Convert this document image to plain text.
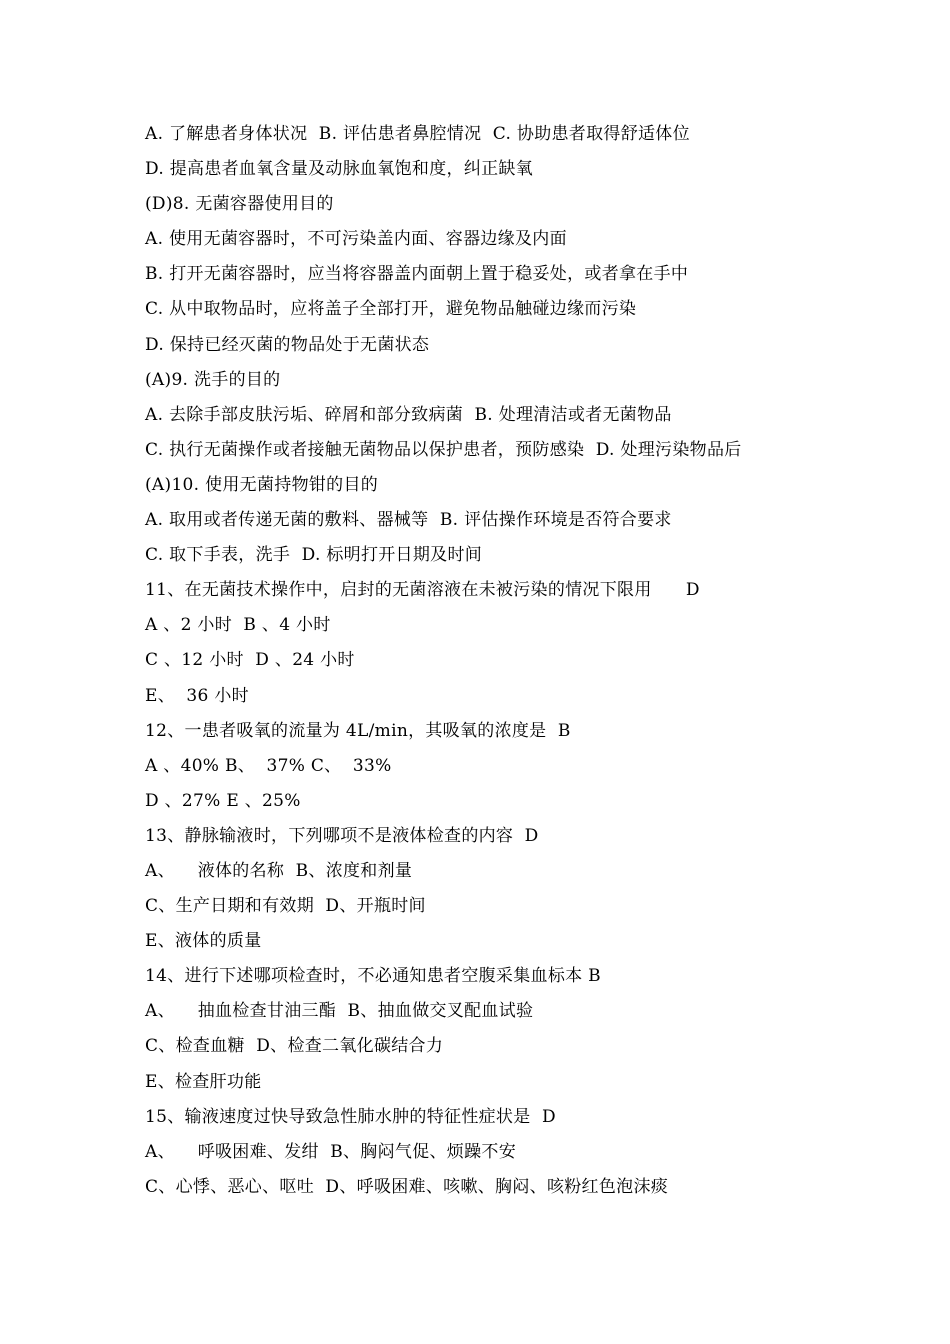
A. 了解患者身体状况  B. 评估患者鼻腔情况  C. 协助患者取得舒适体位
D. 提高患者血氧含量及动脉血氧饱和度，纠正缺氧
(D)8. 无菌容器使用目的
A. 使用无菌容器时，不可污染盖内面、容器边缘及内面
B. 打开无菌容器时，应当将容器盖内面朝上置于稳妥处，或者拿在手中
C. 从中取物品时，应将盖子全部打开，避免物品触碰边缘而污染
D. 保持已经灭菌的物品处于无菌状态
(A)9. 洗手的目的
A. 去除手部皮肤污垢、碎屑和部分致病菌  B. 处理清洁或者无菌物品
C. 执行无菌操作或者接触无菌物品以保护患者，预防感染  D. 处理污染物品后
(A)10. 使用无菌持物钳的目的
A. 取用或者传递无菌的敷料、器械等  B. 评估操作环境是否符合要求
C. 取下手表，洗手  D. 标明打开日期及时间
11、在无菌技术操作中，启封的无菌溶液在未被污染的情况下限用      D
A 、2 小时  B 、4 小时
C 、12 小时  D 、24 小时
E、  36 小时
12、一患者吸氧的流量为 4L/min，其吸氧的浓度是  B
A 、40% B、  37% C、  33%
D 、27% E 、25%
13、静脉输液时，下列哪项不是液体检查的内容  D
A、    液体的名称  B、浓度和剂量
C、生产日期和有效期  D、开瓶时间
E、液体的质量
14、进行下述哪项检查时，不必通知患者空腹采集血标本 B
A、    抽血检查甘油三酯  B、抽血做交叉配血试验
C、检查血糖  D、检查二氧化碳结合力
E、检查肝功能
15、输液速度过快导致急性肺水肿的特征性症状是  D
A、    呼吸困难、发绀  B、胸闷气促、烦躁不安
C、心悸、恶心、呕吐  D、呼吸困难、咳嗽、胸闷、咳粉红色泡沫痰
